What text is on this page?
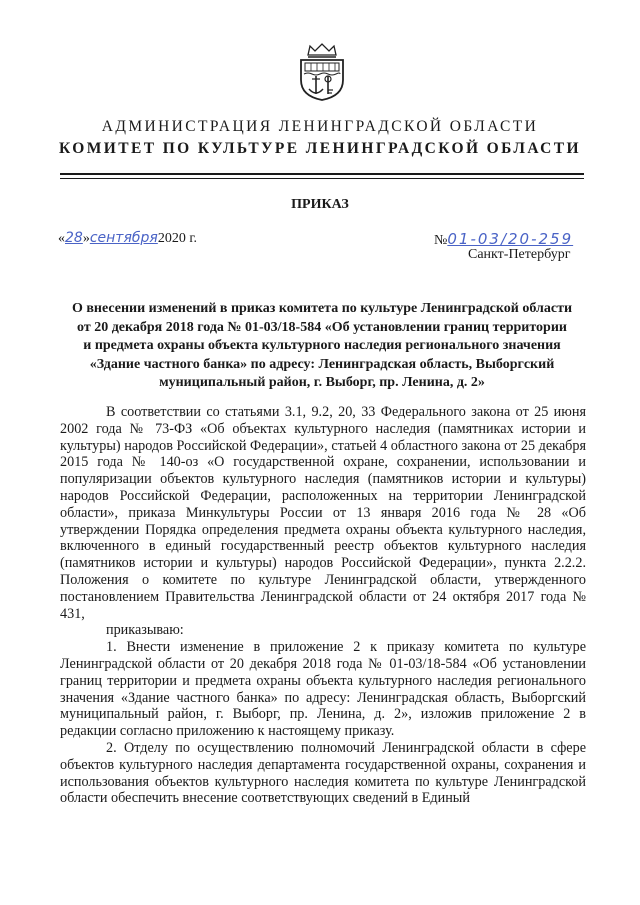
АДМИНИСТРАЦИЯ ЛЕНИНГРАДСКОЙ ОБЛАСТИ
КОМИТЕТ ПО КУЛЬТУРЕ ЛЕНИНГРАДСКОЙ ОБЛАСТИ
ПРИКАЗ
«28»сентября2020 г.	№01-03/20-259
Санкт-Петербург

О внесении изменений в приказ комитета по культуре Ленинградской области

от 20 декабря 2018 года № 01-03/18-584 «Об установлении границ территории

и предмета охраны объекта культурного наследия регионального значения

«Здание частного банка» по адресу: Ленинградская область, Выборгский

муниципальный район, г. Выборг, пр. Ленина, д. 2»

В соответствии со статьями 3.1, 9.2, 20, 33 Федерального закона от 25 июня 2002 года № 73-ФЗ «Об объектах культурного наследия (памятниках истории и культуры) народов Российской Федерации», статьей 4 областного закона от 25 декабря 2015 года № 140-оз «О государственной охране, сохранении, использовании и популяризации объектов культурного наследия (памятников истории и культуры) народов Российской Федерации, расположенных на территории Ленинградской области», приказа Минкультуры России от 13 января 2016 года № 28 «Об утверждении Порядка определения предмета охраны объекта культурного наследия, включенного в единый государственный реестр объектов культурного наследия (памятников истории и культуры) народов Российской Федерации», пункта 2.2.2. Положения о комитете по культуре Ленинградской области, утвержденного постановлением Правительства Ленинградской области от 24 октября 2017 года № 431,

приказываю:

1. Внести изменение в приложение 2 к приказу комитета по культуре Ленинградской области от 20 декабря 2018 года № 01-03/18-584 «Об установлении границ территории и предмета охраны объекта культурного наследия регионального значения «Здание частного банка» по адресу: Ленинградская область, Выборгский муниципальный район, г. Выборг, пр. Ленина, д. 2», изложив приложение 2 в редакции согласно приложению к настоящему приказу.

2. Отделу по осуществлению полномочий Ленинградской области в сфере объектов культурного наследия департамента государственной охраны, сохранения и использования объектов культурного наследия комитета по культуре Ленинградской области обеспечить внесение соответствующих сведений в Единый
